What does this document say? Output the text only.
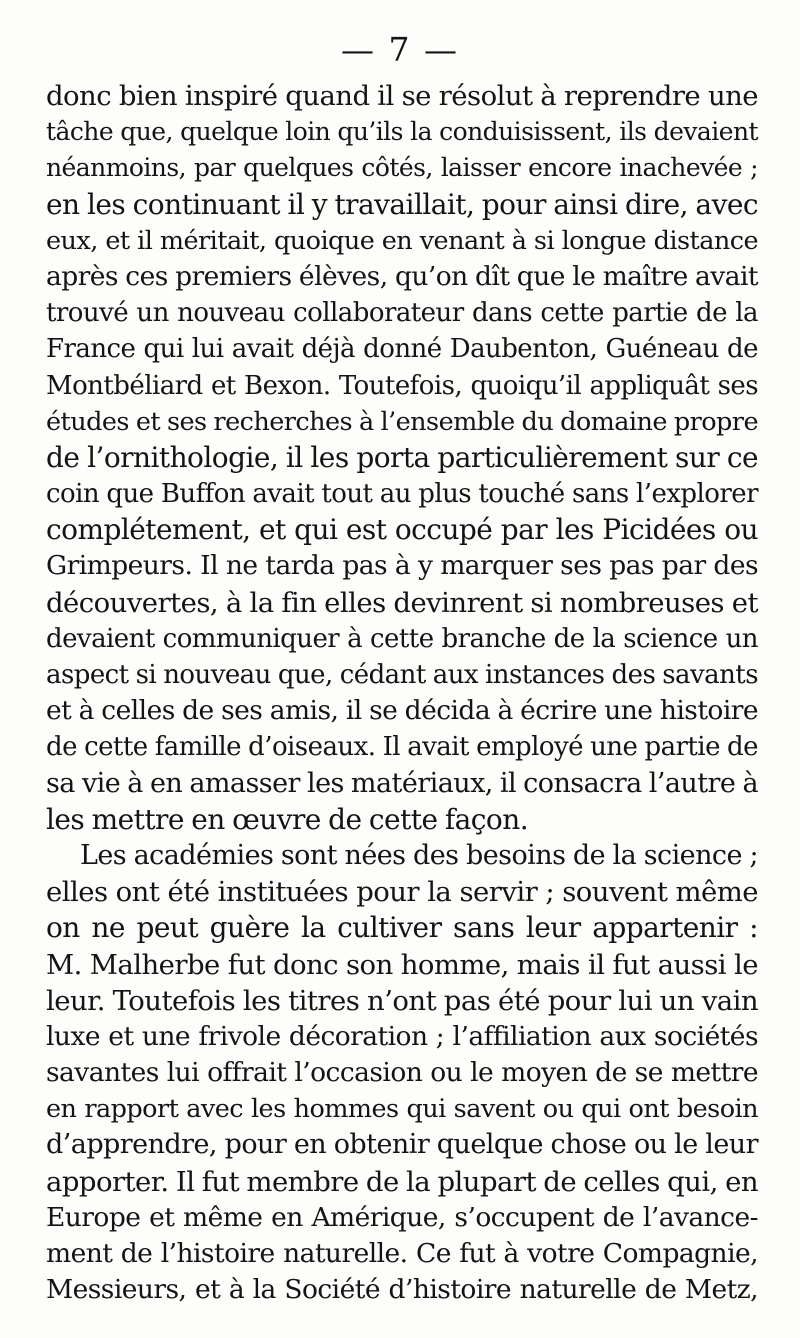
— 7 —
donc bien inspiré quand il se résolut à reprendre une
tâche que, quelque loin qu’ils la conduisissent, ils devaient
néanmoins, par quelques côtés, laisser encore inachevée ;
en les continuant il y travaillait, pour ainsi dire, avec
eux, et il méritait, quoique en venant à si longue distance
après ces premiers élèves, qu’on dît que le maître avait
trouvé un nouveau collaborateur dans cette partie de la
France qui lui avait déjà donné Daubenton, Guéneau de
Montbéliard et Bexon. Toutefois, quoiqu’il appliquât ses
études et ses recherches à l’ensemble du domaine propre
de l’ornithologie, il les porta particulièrement sur ce
coin que Buffon avait tout au plus touché sans l’explorer
complétement, et qui est occupé par les Picidées ou
Grimpeurs. Il ne tarda pas à y marquer ses pas par des
découvertes, à la fin elles devinrent si nombreuses et
devaient communiquer à cette branche de la science un
aspect si nouveau que, cédant aux instances des savants
et à celles de ses amis, il se décida à écrire une histoire
de cette famille d’oiseaux. Il avait employé une partie de
sa vie à en amasser les matériaux, il consacra l’autre à
les mettre en œuvre de cette façon.
Les académies sont nées des besoins de la science ;
elles ont été instituées pour la servir ; souvent même
on ne peut guère la cultiver sans leur appartenir :
M. Malherbe fut donc son homme, mais il fut aussi le
leur. Toutefois les titres n’ont pas été pour lui un vain
luxe et une frivole décoration ; l’affiliation aux sociétés
savantes lui offrait l’occasion ou le moyen de se mettre
en rapport avec les hommes qui savent ou qui ont besoin
d’apprendre, pour en obtenir quelque chose ou le leur
apporter. Il fut membre de la plupart de celles qui, en
Europe et même en Amérique, s’occupent de l’avance-
ment de l’histoire naturelle. Ce fut à votre Compagnie,
Messieurs, et à la Société d’histoire naturelle de Metz,
